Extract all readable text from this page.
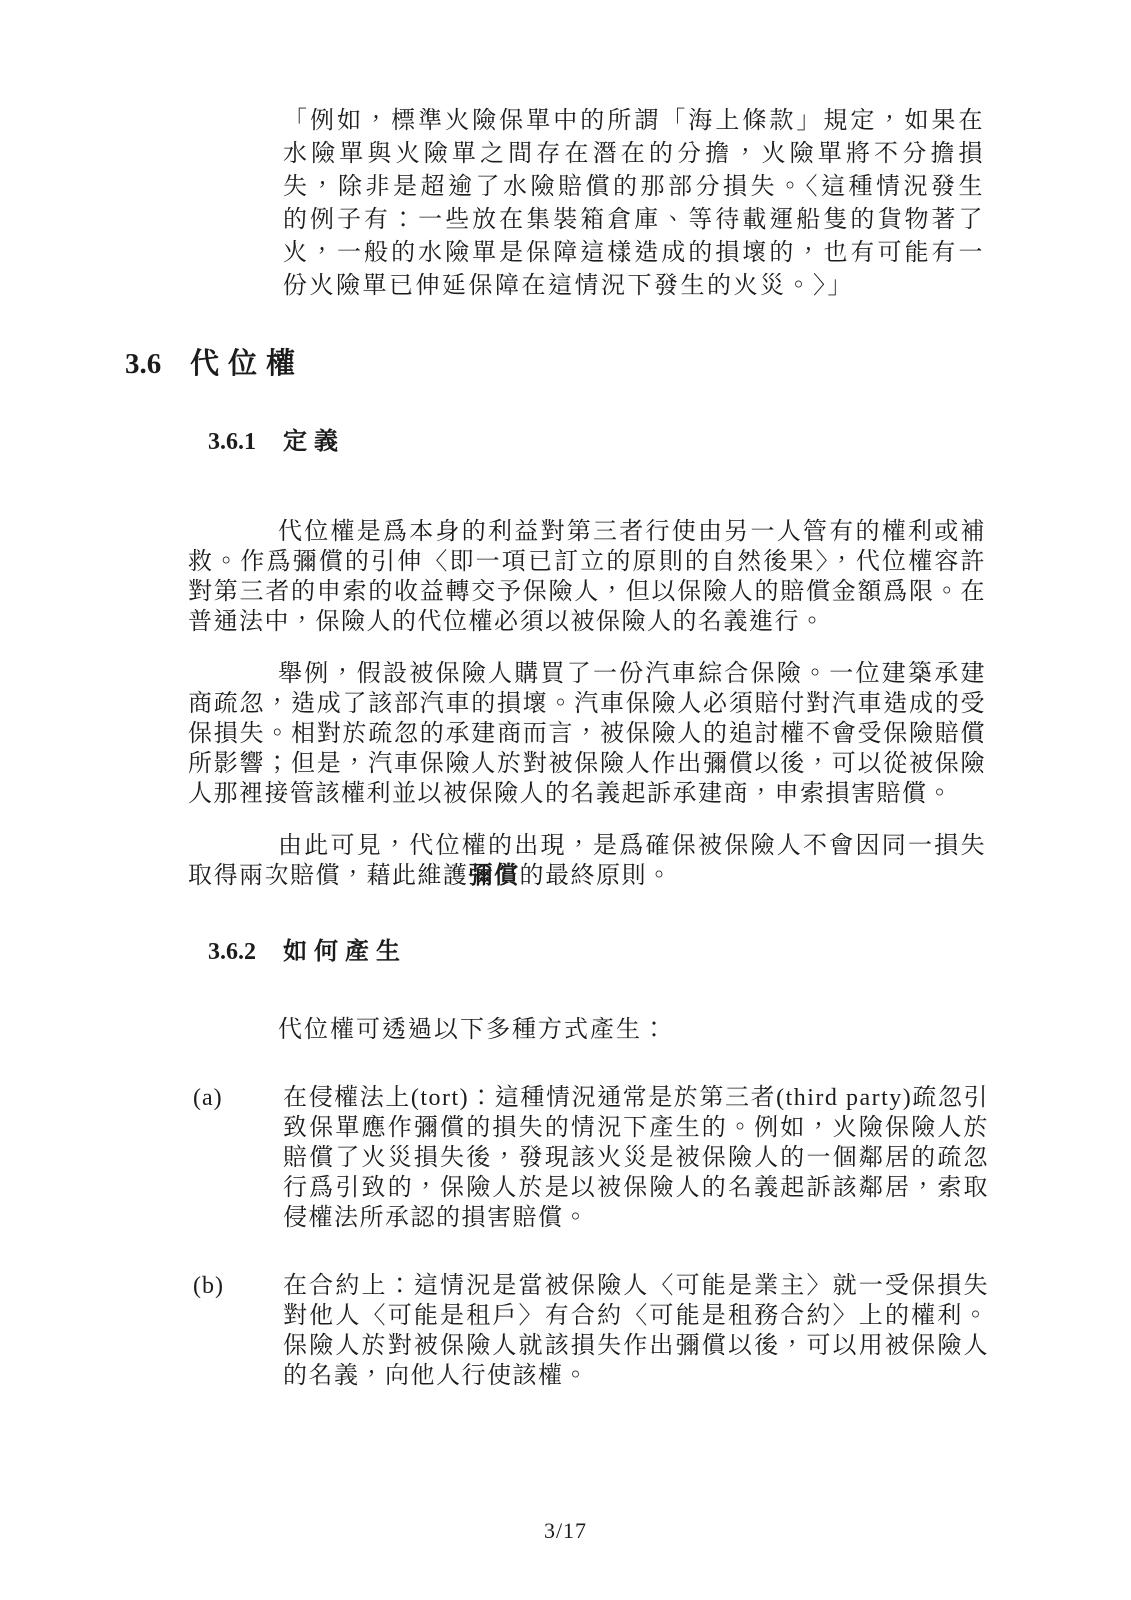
「例如，標準火險保單中的所謂「海上條款」規定，如果在水險單與火險單之間存在潛在的分擔，火險單將不分擔損失，除非是超逾了水險賠償的那部分損失。〈這種情況發生的例子有：一些放在集裝箱倉庫、等待載運船隻的貨物著了火，一般的水險單是保障這樣造成的損壞的，也有可能有一份火險單已伸延保障在這情況下發生的火災。〉」
3.6 代位權
3.6.1 定義

代位權是爲本身的利益對第三者行使由另一人管有的權利或補救。作爲彌償的引伸〈即一項已訂立的原則的自然後果〉，代位權容許對第三者的申索的收益轉交予保險人，但以保險人的賠償金額爲限。在普通法中，保險人的代位權必須以被保險人的名義進行。

舉例，假設被保險人購買了一份汽車綜合保險。一位建築承建商疏忽，造成了該部汽車的損壞。汽車保險人必須賠付對汽車造成的受保損失。相對於疏忽的承建商而言，被保險人的追討權不會受保險賠償所影響；但是，汽車保險人於對被保險人作出彌償以後，可以從被保險人那裡接管該權利並以被保險人的名義起訴承建商，申索損害賠償。

由此可見，代位權的出現，是爲確保被保險人不會因同一損失取得兩次賠償，藉此維護彌償的最終原則。

3.6.2 如何產生

代位權可透過以下多種方式產生：

(a)	在侵權法上(tort)：這種情況通常是於第三者(third party)疏忽引致保單應作彌償的損失的情況下產生的。例如，火險保險人於賠償了火災損失後，發現該火災是被保險人的一個鄰居的疏忽行爲引致的，保險人於是以被保險人的名義起訴該鄰居，索取侵權法所承認的損害賠償。
(b)	在合約上：這情況是當被保險人〈可能是業主〉就一受保損失對他人〈可能是租戶〉有合約〈可能是租務合約〉上的權利。保險人於對被保險人就該損失作出彌償以後，可以用被保險人的名義，向他人行使該權。
3/17
